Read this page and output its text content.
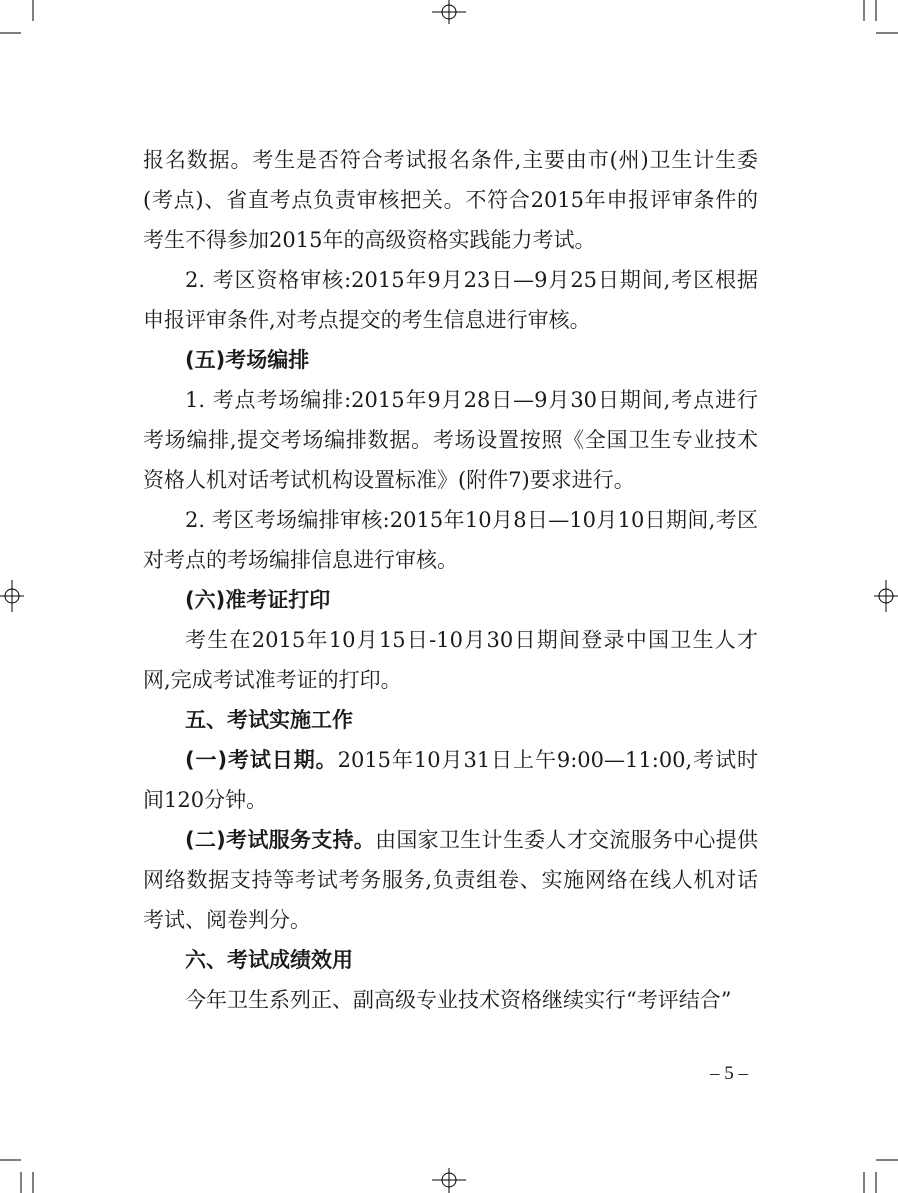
报名数据。考生是否符合考试报名条件,主要由市(州)卫生计生委(考点)、省直考点负责审核把关。不符合2015年申报评审条件的考生不得参加2015年的高级资格实践能力考试。

2. 考区资格审核:2015年9月23日—9月25日期间,考区根据申报评审条件,对考点提交的考生信息进行审核。

(五)考场编排

1. 考点考场编排:2015年9月28日—9月30日期间,考点进行考场编排,提交考场编排数据。考场设置按照《全国卫生专业技术资格人机对话考试机构设置标准》(附件7)要求进行。

2. 考区考场编排审核:2015年10月8日—10月10日期间,考区对考点的考场编排信息进行审核。

(六)准考证打印

考生在2015年10月15日-10月30日期间登录中国卫生人才网,完成考试准考证的打印。

五、考试实施工作

(一)考试日期。2015年10月31日上午9:00—11:00,考试时间120分钟。

(二)考试服务支持。由国家卫生计生委人才交流服务中心提供网络数据支持等考试考务服务,负责组卷、实施网络在线人机对话考试、阅卷判分。

六、考试成绩效用

今年卫生系列正、副高级专业技术资格继续实行“考评结合”

– 5 –
